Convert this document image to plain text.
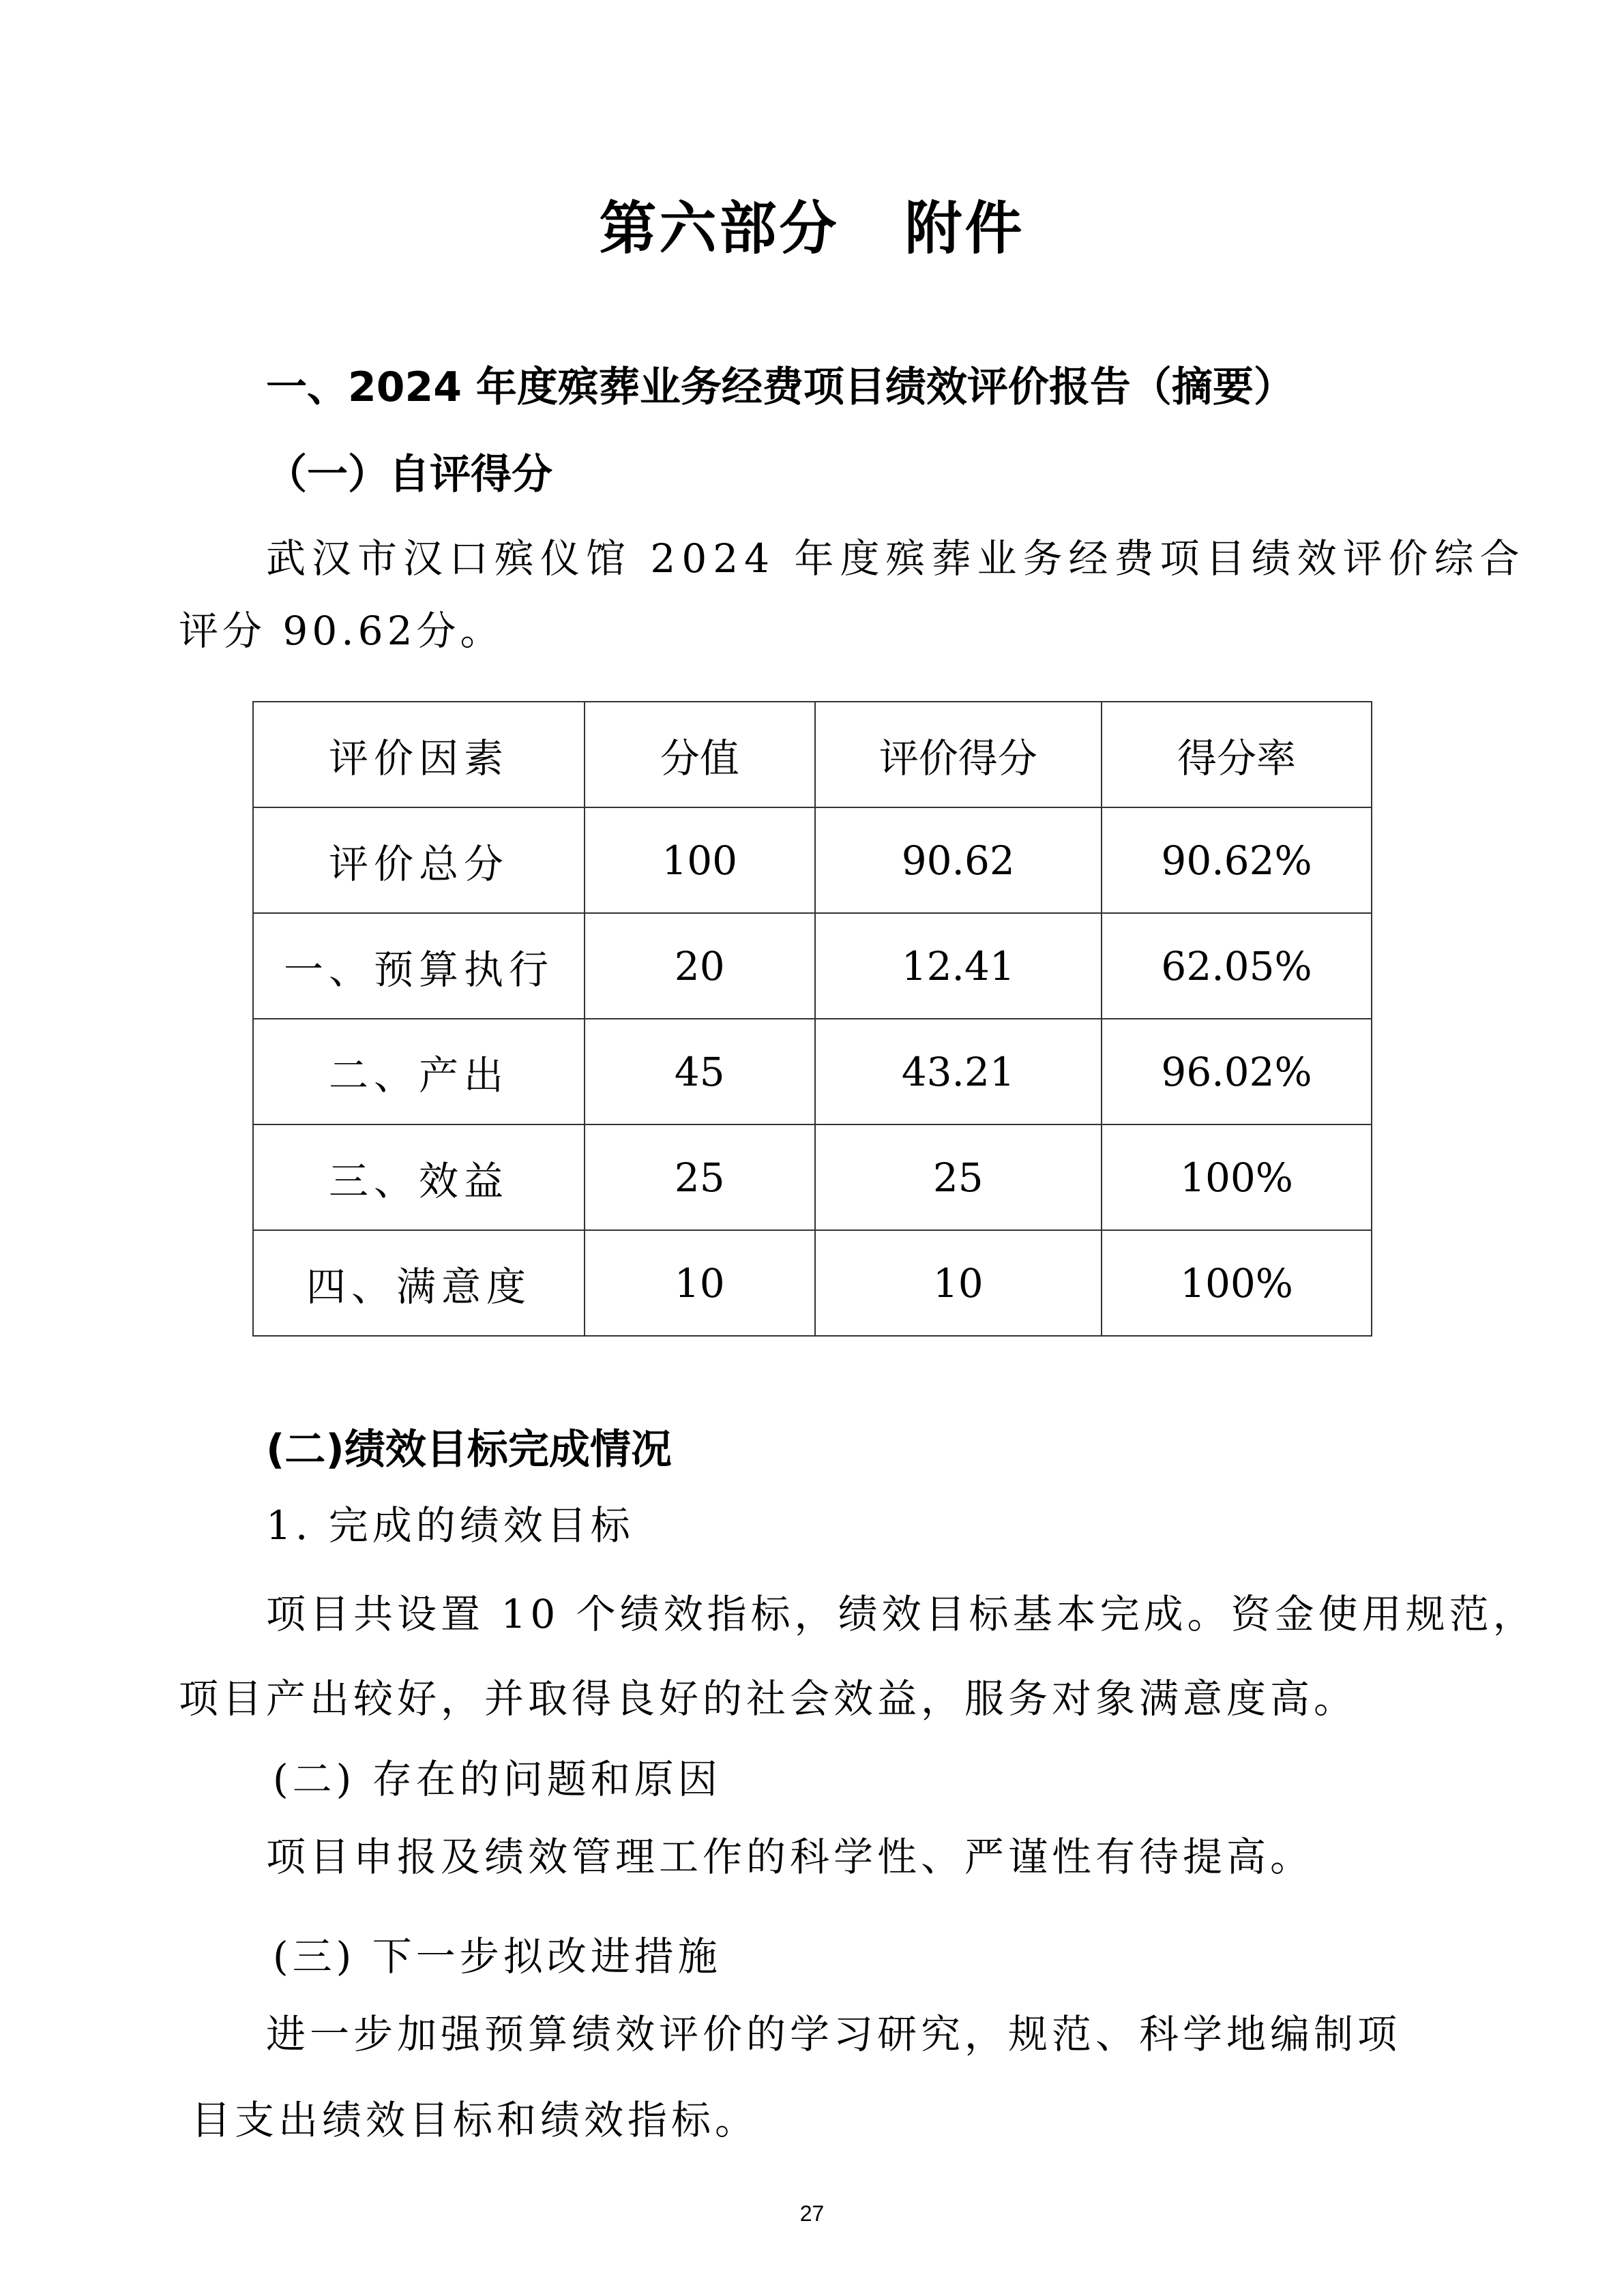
第六部分 附件
一、2024 年度殡葬业务经费项目绩效评价报告（摘要）
（一）自评得分
武汉市汉口殡仪馆 2024 年度殡葬业务经费项目绩效评价综合
评分 90.62分。
评价因素	分值	评价得分	得分率
评价总分	100	90.62	90.62%
一、预算执行	20	12.41	62.05%
二、产出	45	43.21	96.02%
三、效益	25	25	100%
四、满意度	10	10	100%
(二)绩效目标完成情况
1. 完成的绩效目标
项目共设置 10 个绩效指标，绩效目标基本完成。资金使用规范，
项目产出较好，并取得良好的社会效益，服务对象满意度高。
(二) 存在的问题和原因
项目申报及绩效管理工作的科学性、严谨性有待提高。
(三) 下一步拟改进措施
进一步加强预算绩效评价的学习研究，规范、科学地编制项
目支出绩效目标和绩效指标。
27
